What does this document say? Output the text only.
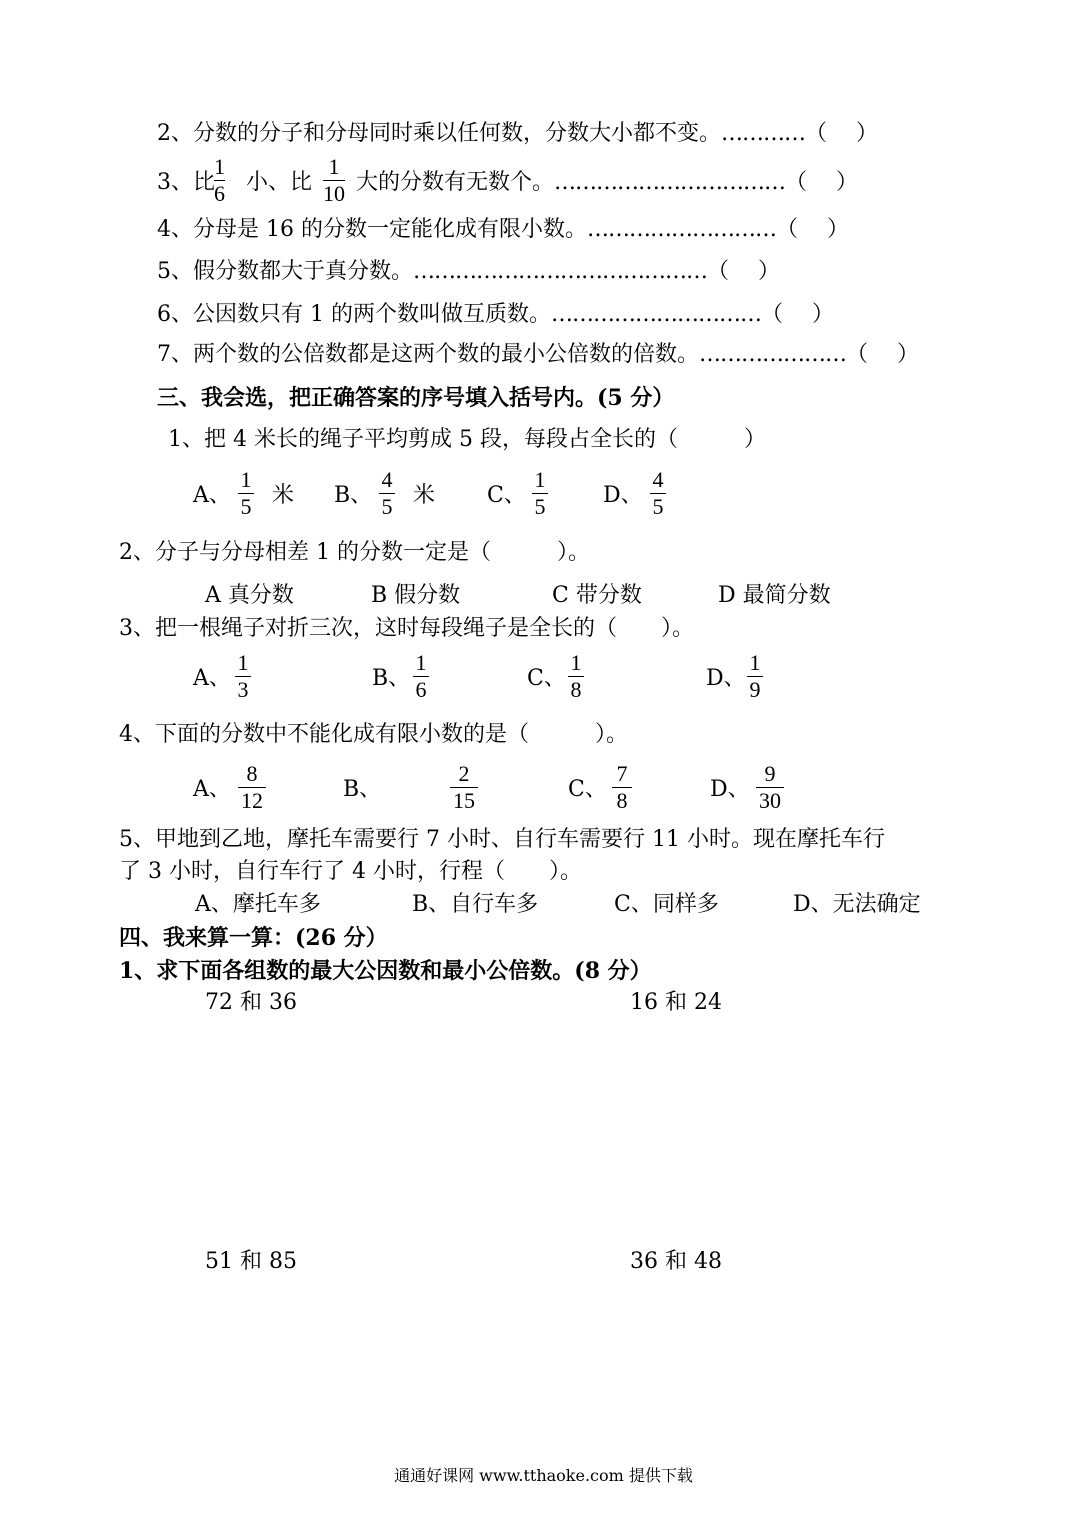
2、分数的分子和分母同时乘以任何数，分数大小都不变。…………（　 ）
3、比
1
6 小、比
1
10 大的分数有无数个。……………………………（　 ）
4、分母是 16 的分数一定能化成有限小数。………………………（　 ）
5、假分数都大于真分数。……………………………………（　 ）
6、公因数只有 1 的两个数叫做互质数。…………………………（　 ）
7、两个数的公倍数都是这两个数的最小公倍数的倍数。…………………（　 ）
三、我会选，把正确答案的序号填入括号内。(5 分）
1、把 4 米长的绳子平均剪成 5 段，每段占全长的（　　　）
A、
1
5 米 B、
4
5 米 C、
1
5	D、
4
5
2、分子与分母相差 1 的分数一定是（　　　）。
A 真分数	B 假分数	C 带分数	D 最简分数
3、把一根绳子对折三次，这时每段绳子是全长的（　　）。
A、
1
3	B、
1
6	C、
1
8	D、
1
9
4、下面的分数中不能化成有限小数的是（　　　）。
A、
8
12	B、
2
15	C、
7
8	D、
9
30
5、甲地到乙地，摩托车需要行 7 小时、自行车需要行 11 小时。现在摩托车行
了 3 小时，自行车行了 4 小时，行程（　　）。
A、摩托车多	B、自行车多	C、同样多	D、无法确定
四、我来算一算：(26 分）
1、求下面各组数的最大公因数和最小公倍数。(8 分）
72 和 36	16 和 24
51 和 85	36 和 48
通通好课网 www.tthaoke.com 提供下载
